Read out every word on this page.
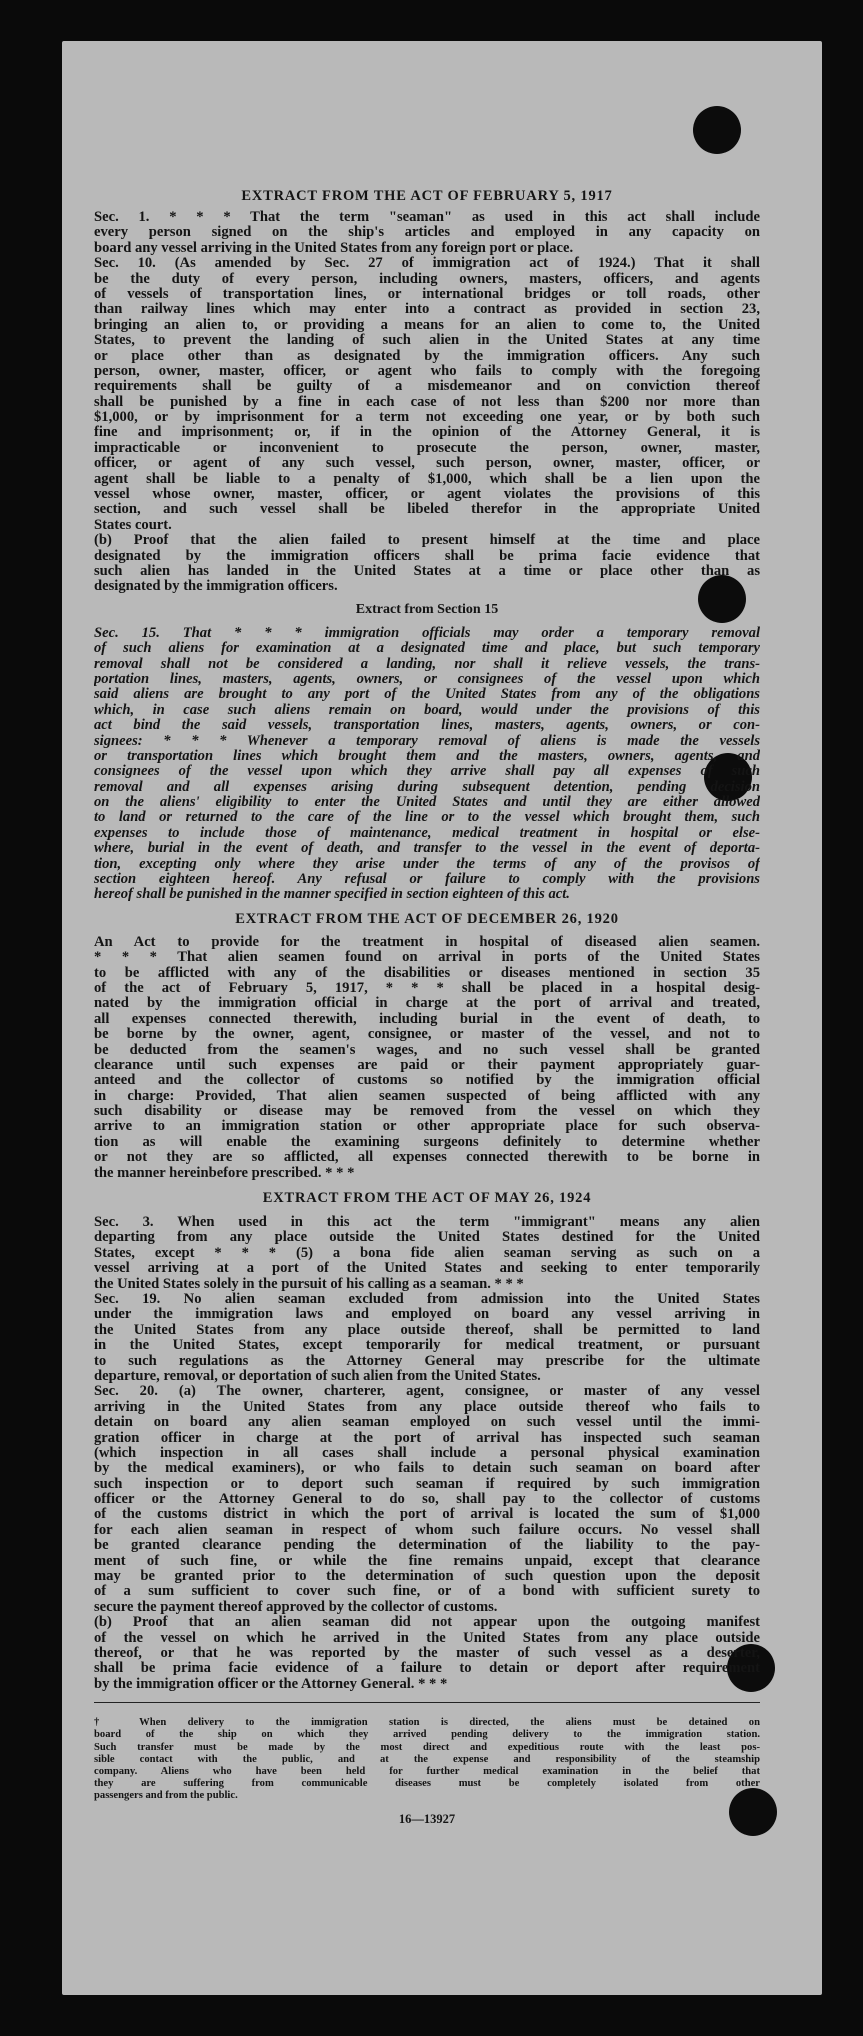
EXTRACT FROM THE ACT OF FEBRUARY 5, 1917

Sec. 1. * * * That the term "seaman" as used in this act shall include
every person signed on the ship's articles and employed in any capacity on
board any vessel arriving in the United States from any foreign port or place.
Sec. 10. (As amended by Sec. 27 of immigration act of 1924.) That it shall
be the duty of every person, including owners, masters, officers, and agents
of vessels of transportation lines, or international bridges or toll roads, other
than railway lines which may enter into a contract as provided in section 23,
bringing an alien to, or providing a means for an alien to come to, the United
States, to prevent the landing of such alien in the United States at any time
or place other than as designated by the immigration officers. Any such
person, owner, master, officer, or agent who fails to comply with the foregoing
requirements shall be guilty of a misdemeanor and on conviction thereof
shall be punished by a fine in each case of not less than $200 nor more than
$1,000, or by imprisonment for a term not exceeding one year, or by both such
fine and imprisonment; or, if in the opinion of the Attorney General, it is
impracticable or inconvenient to prosecute the person, owner, master,
officer, or agent of any such vessel, such person, owner, master, officer, or
agent shall be liable to a penalty of $1,000, which shall be a lien upon the
vessel whose owner, master, officer, or agent violates the provisions of this
section, and such vessel shall be libeled therefor in the appropriate United
States court.
(b) Proof that the alien failed to present himself at the time and place
designated by the immigration officers shall be prima facie evidence that
such alien has landed in the United States at a time or place other than as
designated by the immigration officers.

Extract from Section 15

Sec. 15. That * * * immigration officials may order a temporary removal
of such aliens for examination at a designated time and place, but such temporary
removal shall not be considered a landing, nor shall it relieve vessels, the trans-
portation lines, masters, agents, owners, or consignees of the vessel upon which
said aliens are brought to any port of the United States from any of the obligations
which, in case such aliens remain on board, would under the provisions of this
act bind the said vessels, transportation lines, masters, agents, owners, or con-
signees: * * * Whenever a temporary removal of aliens is made the vessels
or transportation lines which brought them and the masters, owners, agents, and
consignees of the vessel upon which they arrive shall pay all expenses of such
removal and all expenses arising during subsequent detention, pending decision
on the aliens' eligibility to enter the United States and until they are either allowed
to land or returned to the care of the line or to the vessel which brought them, such
expenses to include those of maintenance, medical treatment in hospital or else-
where, burial in the event of death, and transfer to the vessel in the event of deporta-
tion, excepting only where they arise under the terms of any of the provisos of
section eighteen hereof. Any refusal or failure to comply with the provisions
hereof shall be punished in the manner specified in section eighteen of this act.

EXTRACT FROM THE ACT OF DECEMBER 26, 1920

An Act to provide for the treatment in hospital of diseased alien seamen.
* * * That alien seamen found on arrival in ports of the United States
to be afflicted with any of the disabilities or diseases mentioned in section 35
of the act of February 5, 1917, * * * shall be placed in a hospital desig-
nated by the immigration official in charge at the port of arrival and treated,
all expenses connected therewith, including burial in the event of death, to
be borne by the owner, agent, consignee, or master of the vessel, and not to
be deducted from the seamen's wages, and no such vessel shall be granted
clearance until such expenses are paid or their payment appropriately guar-
anteed and the collector of customs so notified by the immigration official
in charge: Provided, That alien seamen suspected of being afflicted with any
such disability or disease may be removed from the vessel on which they
arrive to an immigration station or other appropriate place for such observa-
tion as will enable the examining surgeons definitely to determine whether
or not they are so afflicted, all expenses connected therewith to be borne in
the manner hereinbefore prescribed. * * *

EXTRACT FROM THE ACT OF MAY 26, 1924

Sec. 3. When used in this act the term "immigrant" means any alien
departing from any place outside the United States destined for the United
States, except * * * (5) a bona fide alien seaman serving as such on a
vessel arriving at a port of the United States and seeking to enter temporarily
the United States solely in the pursuit of his calling as a seaman. * * *
Sec. 19. No alien seaman excluded from admission into the United States
under the immigration laws and employed on board any vessel arriving in
the United States from any place outside thereof, shall be permitted to land
in the United States, except temporarily for medical treatment, or pursuant
to such regulations as the Attorney General may prescribe for the ultimate
departure, removal, or deportation of such alien from the United States.
Sec. 20. (a) The owner, charterer, agent, consignee, or master of any vessel
arriving in the United States from any place outside thereof who fails to
detain on board any alien seaman employed on such vessel until the immi-
gration officer in charge at the port of arrival has inspected such seaman
(which inspection in all cases shall include a personal physical examination
by the medical examiners), or who fails to detain such seaman on board after
such inspection or to deport such seaman if required by such immigration
officer or the Attorney General to do so, shall pay to the collector of customs
of the customs district in which the port of arrival is located the sum of $1,000
for each alien seaman in respect of whom such failure occurs. No vessel shall
be granted clearance pending the determination of the liability to the pay-
ment of such fine, or while the fine remains unpaid, except that clearance
may be granted prior to the determination of such question upon the deposit
of a sum sufficient to cover such fine, or of a bond with sufficient surety to
secure the payment thereof approved by the collector of customs.
(b) Proof that an alien seaman did not appear upon the outgoing manifest
of the vessel on which he arrived in the United States from any place outside
thereof, or that he was reported by the master of such vessel as a deserter,
shall be prima facie evidence of a failure to detain or deport after requirement
by the immigration officer or the Attorney General. * * *
† When delivery to the immigration station is directed, the aliens must be detained on
board of the ship on which they arrived pending delivery to the immigration station.
Such transfer must be made by the most direct and expeditious route with the least pos-
sible contact with the public, and at the expense and responsibility of the steamship
company. Aliens who have been held for further medical examination in the belief that
they are suffering from communicable diseases must be completely isolated from other
passengers and from the public.

16—13927
